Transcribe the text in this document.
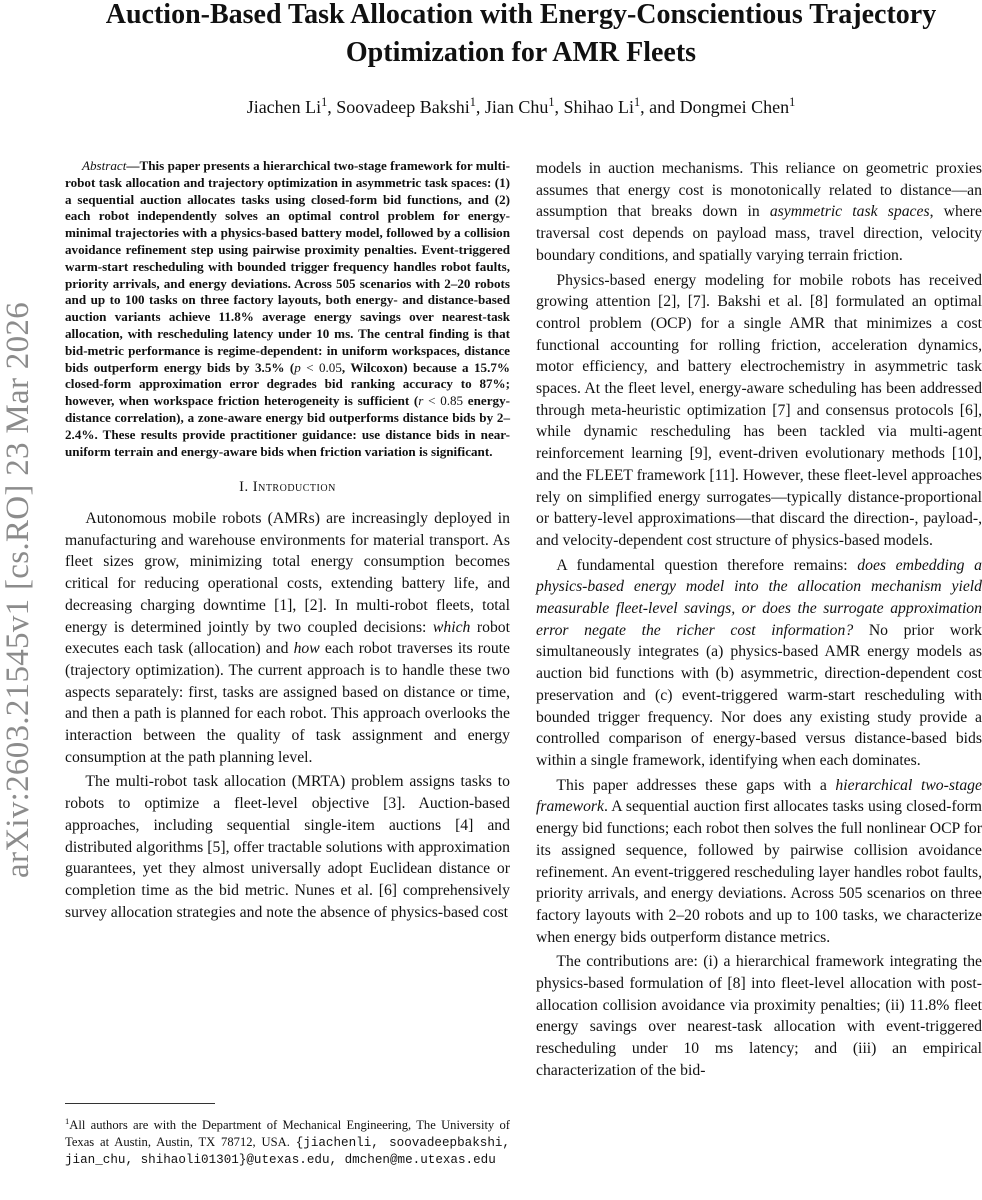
arXiv:2603.21545v1 [cs.RO] 23 Mar 2026
Auction-Based Task Allocation with Energy-Conscientious Trajectory Optimization for AMR Fleets
Jiachen Li$^1$, Soovadeep Bakshi$^1$, Jian Chu$^1$, Shihao Li$^1$, and Dongmei Chen$^1$

Abstract—This paper presents a hierarchical two-stage framework for multi-robot task allocation and trajectory optimization in asymmetric task spaces: (1) a sequential auction allocates tasks using closed-form bid functions, and (2) each robot independently solves an optimal control problem for energy-minimal trajectories with a physics-based battery model, followed by a collision avoidance refinement step using pairwise proximity penalties. Event-triggered warm-start rescheduling with bounded trigger frequency handles robot faults, priority arrivals, and energy deviations. Across 505 scenarios with 2–20 robots and up to 100 tasks on three factory layouts, both energy- and distance-based auction variants achieve 11.8% average energy savings over nearest-task allocation, with rescheduling latency under 10 ms. The central finding is that bid-metric performance is regime-dependent: in uniform workspaces, distance bids outperform energy bids by 3.5% (p < 0.05, Wilcoxon) because a 15.7% closed-form approximation error degrades bid ranking accuracy to 87%; however, when workspace friction heterogeneity is sufficient (r < 0.85 energy-distance correlation), a zone-aware energy bid outperforms distance bids by 2–2.4%. These results provide practitioner guidance: use distance bids in near-uniform terrain and energy-aware bids when friction variation is significant.

I. Introduction

Autonomous mobile robots (AMRs) are increasingly deployed in manufacturing and warehouse environments for material transport. As fleet sizes grow, minimizing total energy consumption becomes critical for reducing operational costs, extending battery life, and decreasing charging downtime [1], [2]. In multi-robot fleets, total energy is determined jointly by two coupled decisions: which robot executes each task (allocation) and how each robot traverses its route (trajectory optimization). The current approach is to handle these two aspects separately: first, tasks are assigned based on distance or time, and then a path is planned for each robot. This approach overlooks the interaction between the quality of task assignment and energy consumption at the path planning level.

The multi-robot task allocation (MRTA) problem assigns tasks to robots to optimize a fleet-level objective [3]. Auction-based approaches, including sequential single-item auctions [4] and distributed algorithms [5], offer tractable solutions with approximation guarantees, yet they almost universally adopt Euclidean distance or completion time as the bid metric. Nunes et al. [6] comprehensively survey allocation strategies and note the absence of physics-based cost

models in auction mechanisms. This reliance on geometric proxies assumes that energy cost is monotonically related to distance—an assumption that breaks down in asymmetric task spaces, where traversal cost depends on payload mass, travel direction, velocity boundary conditions, and spatially varying terrain friction.

Physics-based energy modeling for mobile robots has received growing attention [2], [7]. Bakshi et al. [8] formulated an optimal control problem (OCP) for a single AMR that minimizes a cost functional accounting for rolling friction, acceleration dynamics, motor efficiency, and battery electrochemistry in asymmetric task spaces. At the fleet level, energy-aware scheduling has been addressed through meta-heuristic optimization [7] and consensus protocols [6], while dynamic rescheduling has been tackled via multi-agent reinforcement learning [9], event-driven evolutionary methods [10], and the FLEET framework [11]. However, these fleet-level approaches rely on simplified energy surrogates—typically distance-proportional or battery-level approximations—that discard the direction-, payload-, and velocity-dependent cost structure of physics-based models.

A fundamental question therefore remains: does embedding a physics-based energy model into the allocation mechanism yield measurable fleet-level savings, or does the surrogate approximation error negate the richer cost information? No prior work simultaneously integrates (a) physics-based AMR energy models as auction bid functions with (b) asymmetric, direction-dependent cost preservation and (c) event-triggered warm-start rescheduling with bounded trigger frequency. Nor does any existing study provide a controlled comparison of energy-based versus distance-based bids within a single framework, identifying when each dominates.

This paper addresses these gaps with a hierarchical two-stage framework. A sequential auction first allocates tasks using closed-form energy bid functions; each robot then solves the full nonlinear OCP for its assigned sequence, followed by pairwise collision avoidance refinement. An event-triggered rescheduling layer handles robot faults, priority arrivals, and energy deviations. Across 505 scenarios on three factory layouts with 2–20 robots and up to 100 tasks, we characterize when energy bids outperform distance metrics.

The contributions are: (i) a hierarchical framework integrating the physics-based formulation of [8] into fleet-level allocation with post-allocation collision avoidance via proximity penalties; (ii) 11.8% fleet energy savings over nearest-task allocation with event-triggered rescheduling under 10 ms latency; and (iii) an empirical characterization of the bid-

$^1$All authors are with the Department of Mechanical Engineering, The University of Texas at Austin, Austin, TX 78712, USA. {jiachenli, soovadeepbakshi, jian_chu, shihaoli01301}@utexas.edu, dmchen@me.utexas.edu
